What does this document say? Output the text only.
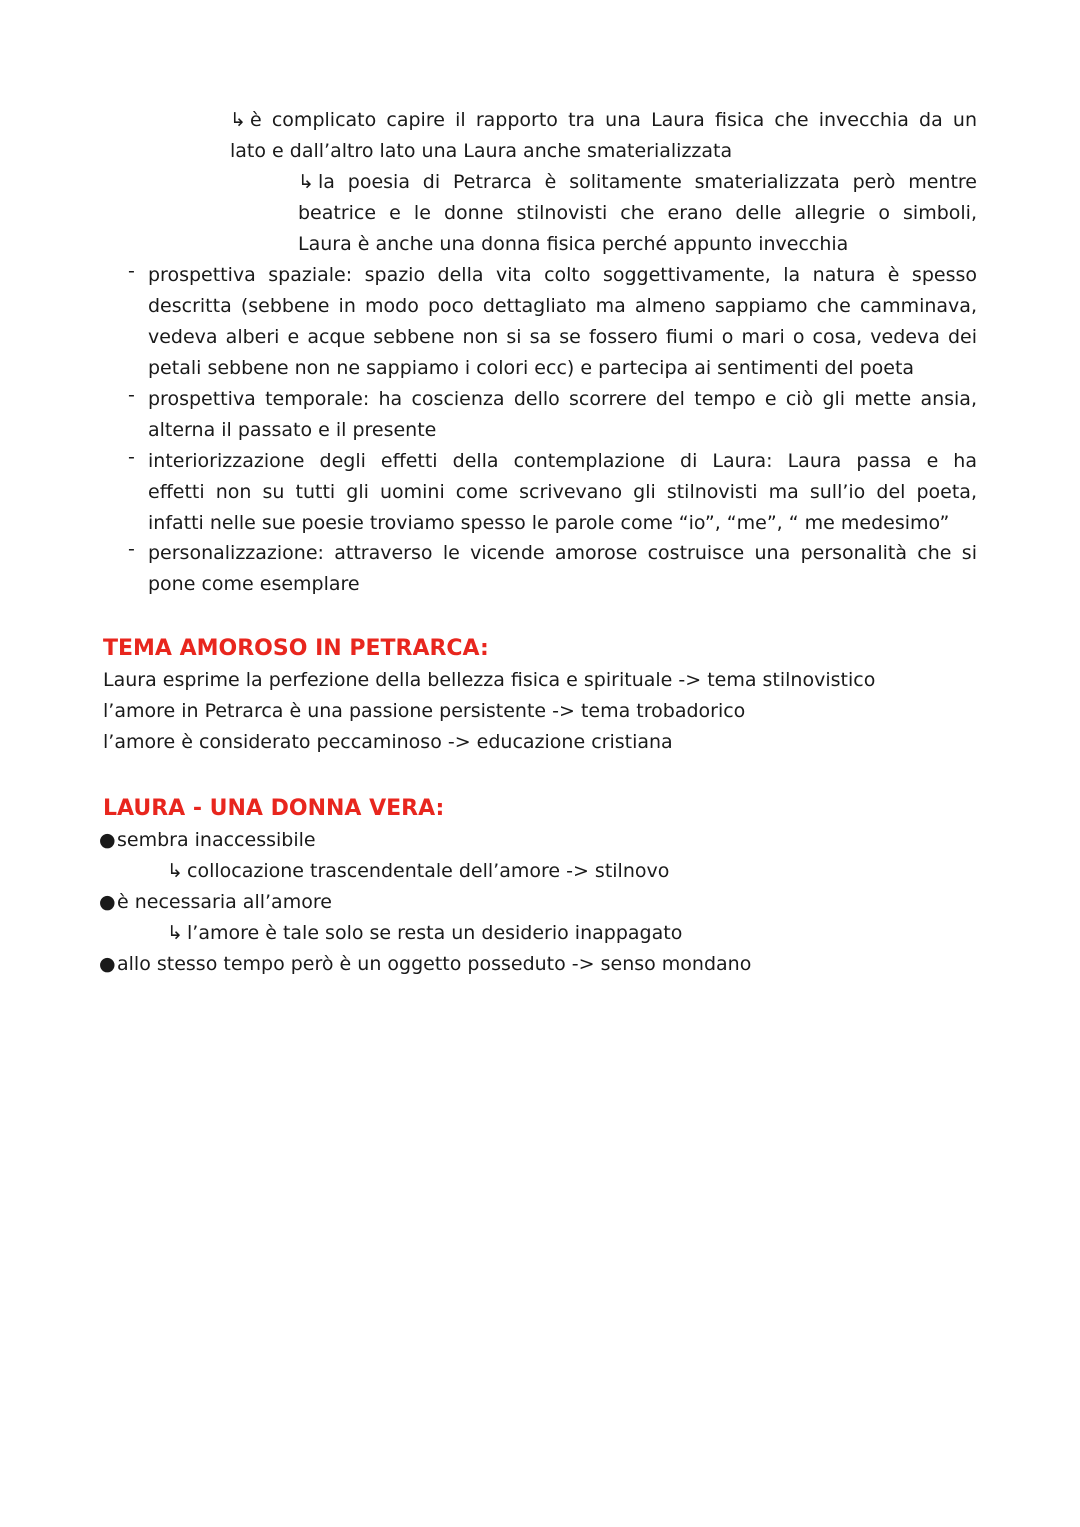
↳ è complicato capire il rapporto tra una Laura fisica che invecchia da un
lato e dall’altro lato una Laura anche smaterializzata
↳ la poesia di Petrarca è solitamente smaterializzata però mentre
beatrice e le donne stilnovisti che erano delle allegrie o simboli,
Laura è anche una donna fisica perché appunto invecchia
- prospettiva spaziale: spazio della vita colto soggettivamente, la natura è spesso
descritta (sebbene in modo poco dettagliato ma almeno sappiamo che camminava,
vedeva alberi e acque sebbene non si sa se fossero fiumi o mari o cosa, vedeva dei
petali sebbene non ne sappiamo i colori ecc) e partecipa ai sentimenti del poeta
- prospettiva temporale: ha coscienza dello scorrere del tempo e ciò gli mette ansia,
alterna il passato e il presente
- interiorizzazione degli effetti della contemplazione di Laura: Laura passa e ha
effetti non su tutti gli uomini come scrivevano gli stilnovisti ma sull’io del poeta,
infatti nelle sue poesie troviamo spesso le parole come “io”, “me”, “ me medesimo”
- personalizzazione: attraverso le vicende amorose costruisce una personalità che si
pone come esemplare
TEMA AMOROSO IN PETRARCA:
Laura esprime la perfezione della bellezza fisica e spirituale -> tema stilnovistico
l’amore in Petrarca è una passione persistente -> tema trobadorico
l’amore è considerato peccaminoso -> educazione cristiana
LAURA - UNA DONNA VERA:
●sembra inaccessibile
↳ collocazione trascendentale dell’amore -> stilnovo
●è necessaria all’amore
↳ l’amore è tale solo se resta un desiderio inappagato
●allo stesso tempo però è un oggetto posseduto -> senso mondano
